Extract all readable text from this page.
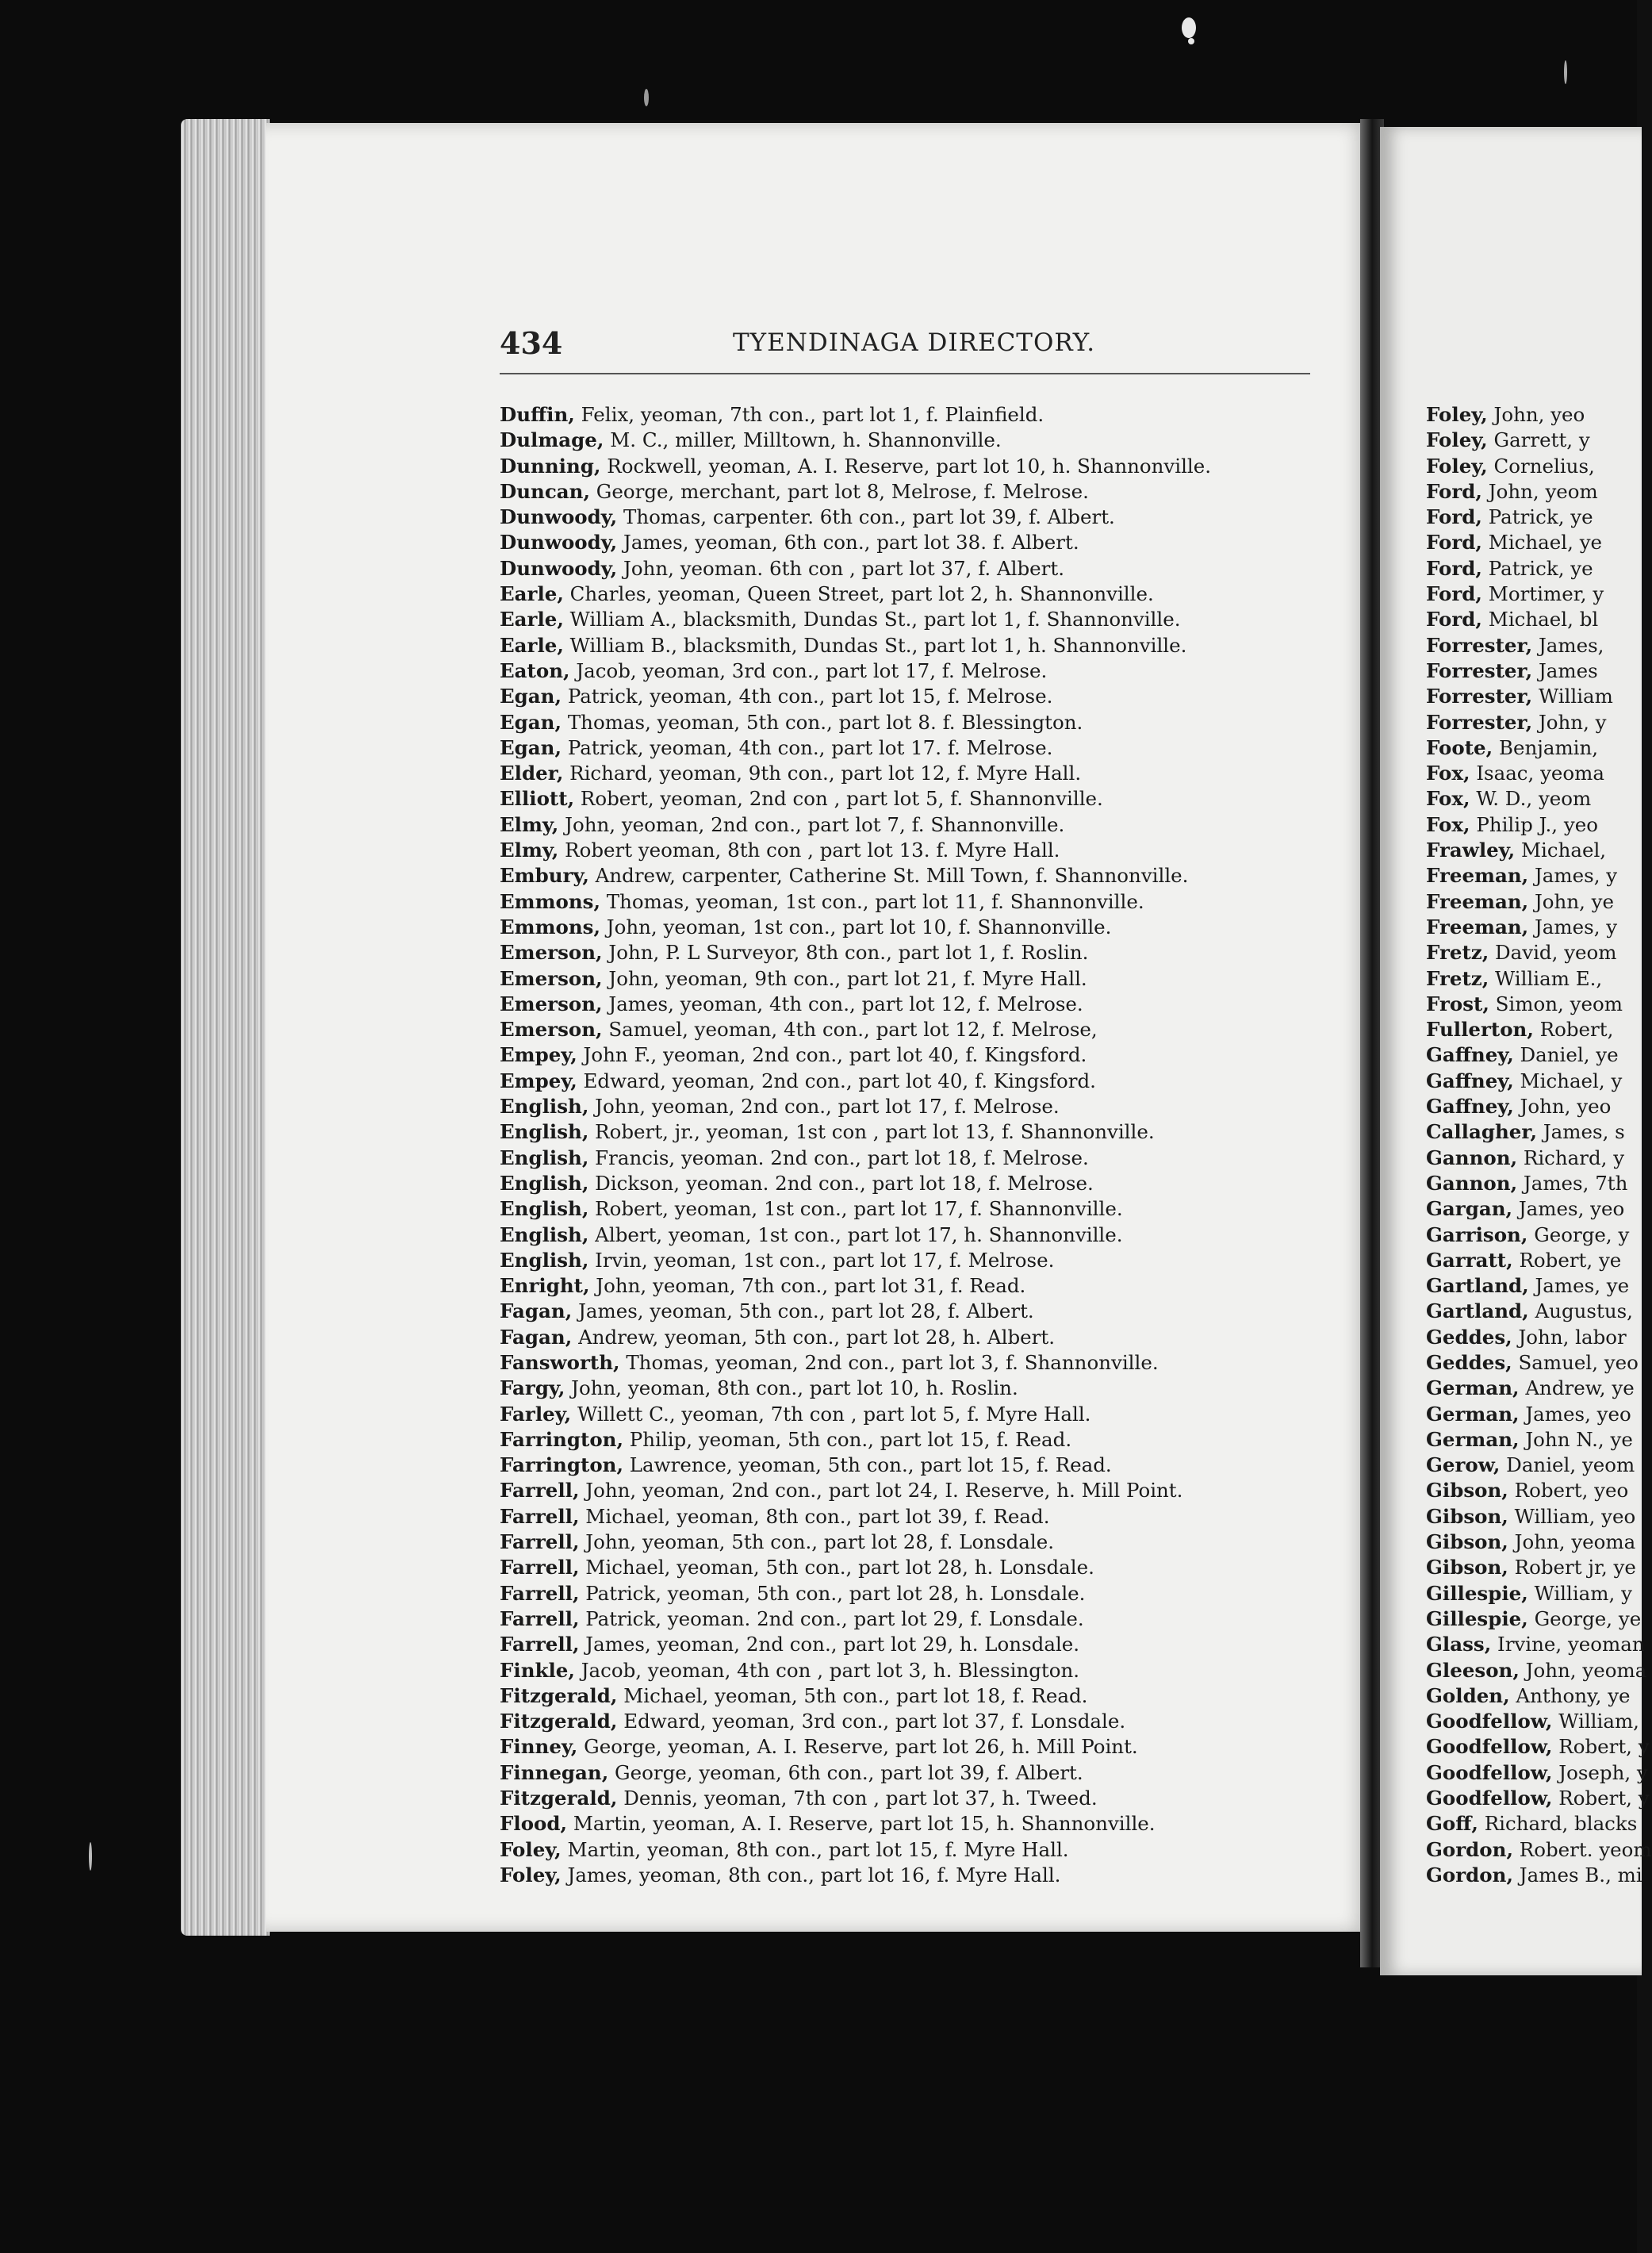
434	TYENDINAGA DIRECTORY.
Duffin, Felix, yeoman, 7th con., part lot 1, f. Plainfield.
Dulmage, M. C., miller, Milltown, h. Shannonville.
Dunning, Rockwell, yeoman, A. I. Reserve, part lot 10, h. Shannonville.
Duncan, George, merchant, part lot 8, Melrose, f. Melrose.
Dunwoody, Thomas, carpenter. 6th con., part lot 39, f. Albert.
Dunwoody, James, yeoman, 6th con., part lot 38. f. Albert.
Dunwoody, John, yeoman. 6th con , part lot 37, f. Albert.
Earle, Charles, yeoman, Queen Street, part lot 2, h. Shannonville.
Earle, William A., blacksmith, Dundas St., part lot 1, f. Shannonville.
Earle, William B., blacksmith, Dundas St., part lot 1, h. Shannonville.
Eaton, Jacob, yeoman, 3rd con., part lot 17, f. Melrose.
Egan, Patrick, yeoman, 4th con., part lot 15, f. Melrose.
Egan, Thomas, yeoman, 5th con., part lot 8. f. Blessington.
Egan, Patrick, yeoman, 4th con., part lot 17. f. Melrose.
Elder, Richard, yeoman, 9th con., part lot 12, f. Myre Hall.
Elliott, Robert, yeoman, 2nd con , part lot 5, f. Shannonville.
Elmy, John, yeoman, 2nd con., part lot 7, f. Shannonville.
Elmy, Robert yeoman, 8th con , part lot 13. f. Myre Hall.
Embury, Andrew, carpenter, Catherine St. Mill Town, f. Shannonville.
Emmons, Thomas, yeoman, 1st con., part lot 11, f. Shannonville.
Emmons, John, yeoman, 1st con., part lot 10, f. Shannonville.
Emerson, John, P. L Surveyor, 8th con., part lot 1, f. Roslin.
Emerson, John, yeoman, 9th con., part lot 21, f. Myre Hall.
Emerson, James, yeoman, 4th con., part lot 12, f. Melrose.
Emerson, Samuel, yeoman, 4th con., part lot 12, f. Melrose,
Empey, John F., yeoman, 2nd con., part lot 40, f. Kingsford.
Empey, Edward, yeoman, 2nd con., part lot 40, f. Kingsford.
English, John, yeoman, 2nd con., part lot 17, f. Melrose.
English, Robert, jr., yeoman, 1st con , part lot 13, f. Shannonville.
English, Francis, yeoman. 2nd con., part lot 18, f. Melrose.
English, Dickson, yeoman. 2nd con., part lot 18, f. Melrose.
English, Robert, yeoman, 1st con., part lot 17, f. Shannonville.
English, Albert, yeoman, 1st con., part lot 17, h. Shannonville.
English, Irvin, yeoman, 1st con., part lot 17, f. Melrose.
Enright, John, yeoman, 7th con., part lot 31, f. Read.
Fagan, James, yeoman, 5th con., part lot 28, f. Albert.
Fagan, Andrew, yeoman, 5th con., part lot 28, h. Albert.
Fansworth, Thomas, yeoman, 2nd con., part lot 3, f. Shannonville.
Fargy, John, yeoman, 8th con., part lot 10, h. Roslin.
Farley, Willett C., yeoman, 7th con , part lot 5, f. Myre Hall.
Farrington, Philip, yeoman, 5th con., part lot 15, f. Read.
Farrington, Lawrence, yeoman, 5th con., part lot 15, f. Read.
Farrell, John, yeoman, 2nd con., part lot 24, I. Reserve, h. Mill Point.
Farrell, Michael, yeoman, 8th con., part lot 39, f. Read.
Farrell, John, yeoman, 5th con., part lot 28, f. Lonsdale.
Farrell, Michael, yeoman, 5th con., part lot 28, h. Lonsdale.
Farrell, Patrick, yeoman, 5th con., part lot 28, h. Lonsdale.
Farrell, Patrick, yeoman. 2nd con., part lot 29, f. Lonsdale.
Farrell, James, yeoman, 2nd con., part lot 29, h. Lonsdale.
Finkle, Jacob, yeoman, 4th con , part lot 3, h. Blessington.
Fitzgerald, Michael, yeoman, 5th con., part lot 18, f. Read.
Fitzgerald, Edward, yeoman, 3rd con., part lot 37, f. Lonsdale.
Finney, George, yeoman, A. I. Reserve, part lot 26, h. Mill Point.
Finnegan, George, yeoman, 6th con., part lot 39, f. Albert.
Fitzgerald, Dennis, yeoman, 7th con , part lot 37, h. Tweed.
Flood, Martin, yeoman, A. I. Reserve, part lot 15, h. Shannonville.
Foley, Martin, yeoman, 8th con., part lot 15, f. Myre Hall.
Foley, James, yeoman, 8th con., part lot 16, f. Myre Hall.
Foley, John, yeo
Foley, Garrett, y
Foley, Cornelius,
Ford, John, yeom
Ford, Patrick, ye
Ford, Michael, ye
Ford, Patrick, ye
Ford, Mortimer, y
Ford, Michael, bl
Forrester, James,
Forrester, James
Forrester, William
Forrester, John, y
Foote, Benjamin,
Fox, Isaac, yeoma
Fox, W. D., yeom
Fox, Philip J., yeo
Frawley, Michael,
Freeman, James, y
Freeman, John, ye
Freeman, James, y
Fretz, David, yeom
Fretz, William E.,
Frost, Simon, yeom
Fullerton, Robert,
Gaffney, Daniel, ye
Gaffney, Michael, y
Gaffney, John, yeo
Callagher, James, s
Gannon, Richard, y
Gannon, James, 7th
Gargan, James, yeo
Garrison, George, y
Garratt, Robert, ye
Gartland, James, ye
Gartland, Augustus,
Geddes, John, labor
Geddes, Samuel, yeo
German, Andrew, ye
German, James, yeo
German, John N., ye
Gerow, Daniel, yeom
Gibson, Robert, yeo
Gibson, William, yeo
Gibson, John, yeoma
Gibson, Robert jr, ye
Gillespie, William, y
Gillespie, George, ye
Glass, Irvine, yeoman
Gleeson, John, yeoma
Golden, Anthony, ye
Goodfellow, William,
Goodfellow, Robert, y
Goodfellow, Joseph, y
Goodfellow, Robert, y
Goff, Richard, blacks
Gordon, Robert. yeom
Gordon, James B., mi
